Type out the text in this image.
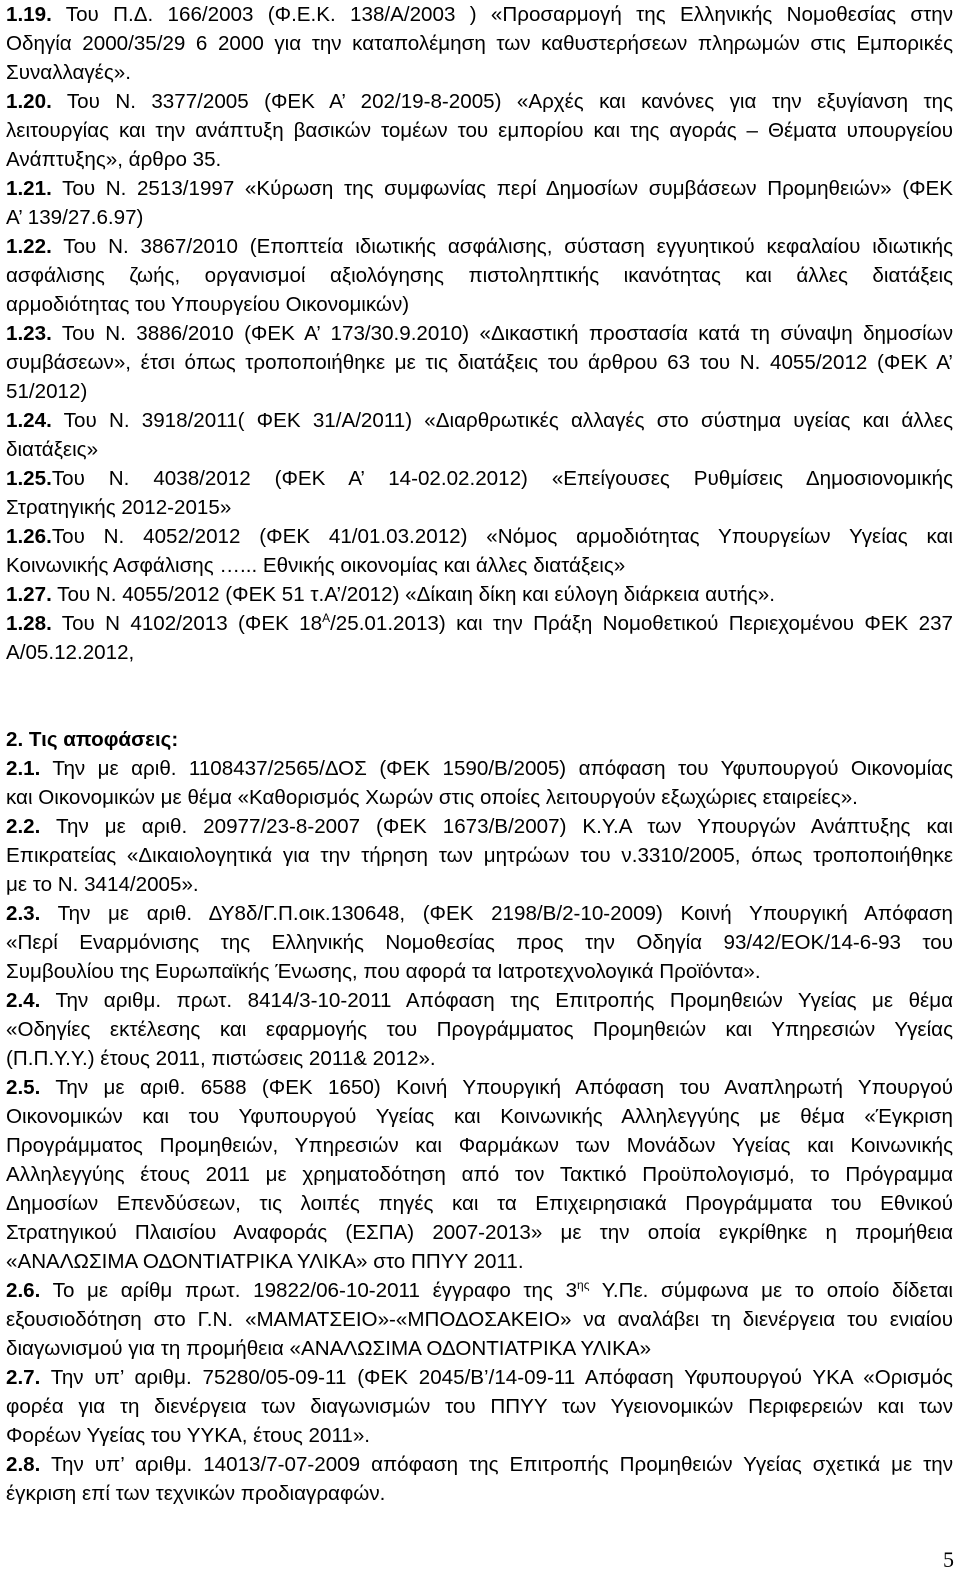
1.19. Του Π.Δ. 166/2003 (Φ.Ε.Κ. 138/Α/2003 ) «Προσαρμογή της Ελληνικής Νομοθεσίας στην
Οδηγία 2000/35/29 6 2000 για την καταπολέμηση των καθυστερήσεων πληρωμών στις Εμπορικές
Συναλλαγές».
1.20. Του Ν. 3377/2005 (ΦΕΚ Α’ 202/19-8-2005) «Αρχές και κανόνες για την εξυγίανση της
λειτουργίας και την ανάπτυξη βασικών τομέων του εμπορίου και της αγοράς – Θέματα υπουργείου
Ανάπτυξης», άρθρο 35.
1.21. Του Ν. 2513/1997 «Κύρωση της συμφωνίας περί Δημοσίων συμβάσεων Προμηθειών» (ΦΕΚ
Α’ 139/27.6.97)
1.22. Του Ν. 3867/2010 (Εποπτεία ιδιωτικής ασφάλισης, σύσταση εγγυητικού κεφαλαίου ιδιωτικής
ασφάλισης ζωής, οργανισμοί αξιολόγησης πιστοληπτικής ικανότητας και άλλες διατάξεις
αρμοδιότητας του Υπουργείου Οικονομικών)
1.23. Του Ν. 3886/2010 (ΦΕΚ Α’ 173/30.9.2010) «Δικαστική προστασία κατά τη σύναψη δημοσίων
συμβάσεων», έτσι όπως τροποποιήθηκε με τις διατάξεις του άρθρου 63 του Ν. 4055/2012 (ΦΕΚ Α’
51/2012)
1.24. Του Ν. 3918/2011( ΦΕΚ 31/Α/2011) «Διαρθρωτικές αλλαγές στο σύστημα υγείας και άλλες
διατάξεις»
1.25.Του Ν. 4038/2012 (ΦΕΚ Α’ 14-02.02.2012) «Επείγουσες Ρυθμίσεις Δημοσιονομικής
Στρατηγικής 2012-2015»
1.26.Του Ν. 4052/2012 (ΦΕΚ 41/01.03.2012) «Νόμος αρμοδιότητας Υπουργείων Υγείας και
Κοινωνικής Ασφάλισης …... Εθνικής οικονομίας και άλλες διατάξεις»
1.27. Του Ν. 4055/2012 (ΦΕΚ 51 τ.Α’/2012) «Δίκαιη δίκη και εύλογη διάρκεια αυτής».
1.28. Του Ν 4102/2013 (ΦΕΚ $18^A/25.01.2013$) και την Πράξη Νομοθετικού Περιεχομένου ΦΕΚ 237
Α/05.12.2012,
2. Τις αποφάσεις:
2.1. Την με αριθ. 1108437/2565/ΔΟΣ (ΦΕΚ 1590/Β/2005) απόφαση του Υφυπουργού Οικονομίας
και Οικονομικών με θέμα «Καθορισμός Χωρών στις οποίες λειτουργούν εξωχώριες εταιρείες».
2.2. Την με αριθ. 20977/23-8-2007 (ΦΕΚ 1673/Β/2007) Κ.Υ.Α των Υπουργών Ανάπτυξης και
Επικρατείας «Δικαιολογητικά για την τήρηση των μητρώων του ν.3310/2005, όπως τροποποιήθηκε
με το Ν. 3414/2005».
2.3. Την με αριθ. ΔΥ8δ/Γ.Π.οικ.130648, (ΦΕΚ 2198/Β/2-10-2009) Κοινή Υπουργική Απόφαση
«Περί Εναρμόνισης της Ελληνικής Νομοθεσίας προς την Οδηγία 93/42/ΕΟΚ/14-6-93 του
Συμβουλίου της Ευρωπαϊκής Ένωσης, που αφορά τα Ιατροτεχνολογικά Προϊόντα».
2.4. Την αριθμ. πρωτ. 8414/3-10-2011 Απόφαση της Επιτροπής Προμηθειών Υγείας με θέμα
«Οδηγίες εκτέλεσης και εφαρμογής του Προγράμματος Προμηθειών και Υπηρεσιών Υγείας
(Π.Π.Υ.Υ.) έτους 2011, πιστώσεις 2011& 2012».
2.5. Την με αριθ. 6588 (ΦΕΚ 1650) Κοινή Υπουργική Απόφαση του Αναπληρωτή Υπουργού
Οικονομικών και του Υφυπουργού Υγείας και Κοινωνικής Αλληλεγγύης με θέμα «Έγκριση
Προγράμματος Προμηθειών, Υπηρεσιών και Φαρμάκων των Μονάδων Υγείας και Κοινωνικής
Αλληλεγγύης έτους 2011 με χρηματοδότηση από τον Τακτικό Προϋπολογισμό, το Πρόγραμμα
Δημοσίων Επενδύσεων, τις λοιπές πηγές και τα Επιχειρησιακά Προγράμματα του Εθνικού
Στρατηγικού Πλαισίου Αναφοράς (ΕΣΠΑ) 2007-2013» με την οποία εγκρίθηκε η προμήθεια
«ΑΝΑΛΩΣΙΜΑ ΟΔΟΝΤΙΑΤΡΙΚΑ ΥΛΙΚΑ» στο ΠΠΥΥ 2011.
2.6. Το με αρίθμ πρωτ. 19822/06-10-2011 έγγραφο της $3^{\eta\varsigma}$ Υ.Πε. σύμφωνα με το οποίο δίδεται
εξουσιοδότηση στο Γ.Ν. «ΜΑΜΑΤΣΕΙΟ»-«ΜΠΟΔΟΣΑΚΕΙΟ» να αναλάβει τη διενέργεια του ενιαίου
διαγωνισμού για τη προμήθεια «ΑΝΑΛΩΣΙΜΑ ΟΔΟΝΤΙΑΤΡΙΚΑ ΥΛΙΚΑ»
2.7. Την υπ’ αριθμ. 75280/05-09-11 (ΦΕΚ 2045/Β’/14-09-11 Απόφαση Υφυπουργού ΥΚΑ «Ορισμός
φορέα για τη διενέργεια των διαγωνισμών του ΠΠΥΥ των Υγειονομικών Περιφερειών και των
Φορέων Υγείας του ΥΥΚΑ, έτους 2011».
2.8. Την υπ’ αριθμ. 14013/7-07-2009 απόφαση της Επιτροπής Προμηθειών Υγείας σχετικά με την
έγκριση επί των τεχνικών προδιαγραφών.
5
